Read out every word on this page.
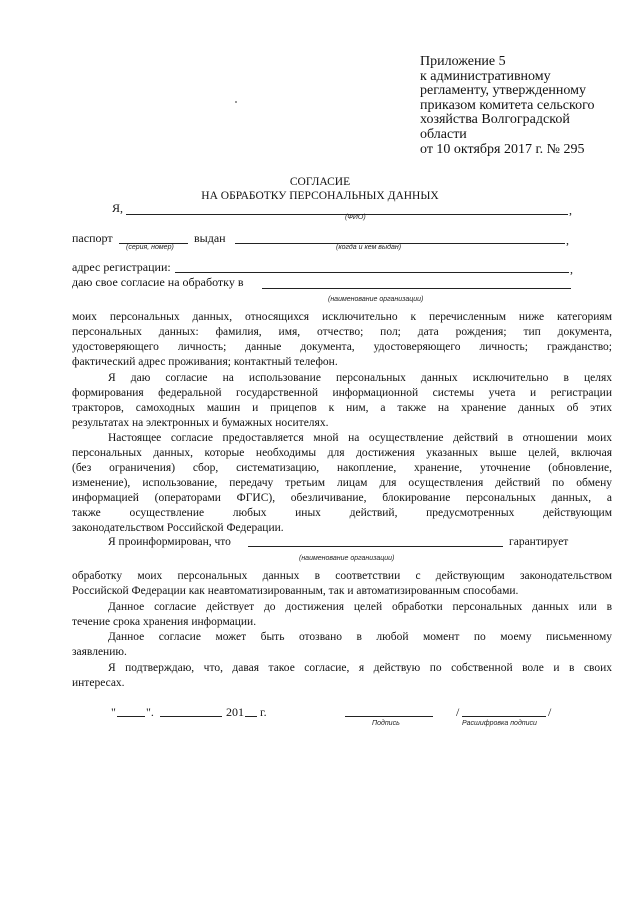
Приложение 5
к административному
регламенту, утвержденному
приказом комитета сельского
хозяйства Волгоградской
области
от 10 октября 2017 г. № 295
СОГЛАСИЕ
НА ОБРАБОТКУ ПЕРСОНАЛЬНЫХ ДАННЫХ
Я,	,
(ФИО)
паспорт	выдан	,
(серия, номер)	(когда и кем выдан)
адрес регистрации:	,
даю свое согласие на обработку в
(наименование организации)
моих персональных данных, относящихся исключительно к перечисленным ниже категориям
персональных данных: фамилия, имя, отчество; пол; дата рождения; тип документа,
удостоверяющего личность; данные документа, удостоверяющего личность; гражданство;
фактический адрес проживания; контактный телефон.
Я даю согласие на использование персональных данных исключительно в целях
формирования федеральной государственной информационной системы учета и регистрации
тракторов, самоходных машин и прицепов к ним, а также на хранение данных об этих
результатах на электронных и бумажных носителях.
Настоящее согласие предоставляется мной на осуществление действий в отношении моих
персональных данных, которые необходимы для достижения указанных выше целей, включая
(без ограничения) сбор, систематизацию, накопление, хранение, уточнение (обновление,
изменение), использование, передачу третьим лицам для осуществления действий по обмену
информацией (операторами ФГИС), обезличивание, блокирование персональных данных, а
также осуществление любых иных действий, предусмотренных действующим
законодательством Российской Федерации.
Я проинформирован, что	гарантирует
(наименование организации)
обработку моих персональных данных в соответствии с действующим законодательством
Российской Федерации как неавтоматизированным, так и автоматизированным способами.
Данное согласие действует до достижения целей обработки персональных данных или в
течение срока хранения информации.
Данное согласие может быть отозвано в любой момент по моему письменному
заявлению.
Я подтверждаю, что, давая такое согласие, я действую по собственной воле и в своих
интересах.
"	".	201 г.	/	/
Подпись	Расшифровка подписи
